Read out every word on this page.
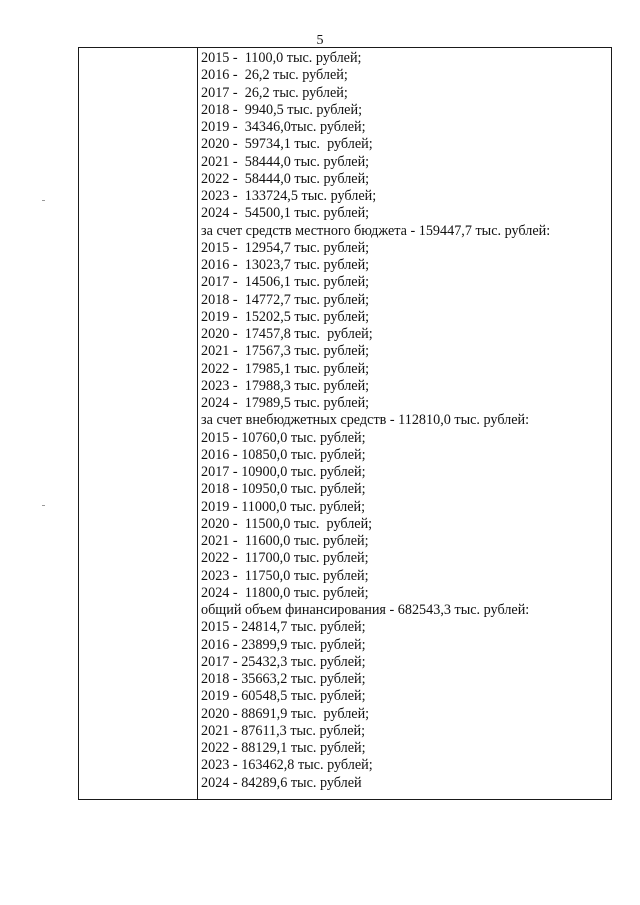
5
2015 -  1100,0 тыс. рублей;
2016 -  26,2 тыс. рублей;
2017 -  26,2 тыс. рублей;
2018 -  9940,5 тыс. рублей;
2019 -  34346,0тыс. рублей;
2020 -  59734,1 тыс.  рублей;
2021 -  58444,0 тыс. рублей;
2022 -  58444,0 тыс. рублей;
2023 -  133724,5 тыс. рублей;
2024 -  54500,1 тыс. рублей;
за счет средств местного бюджета - 159447,7 тыс. рублей:
2015 -  12954,7 тыс. рублей;
2016 -  13023,7 тыс. рублей;
2017 -  14506,1 тыс. рублей;
2018 -  14772,7 тыс. рублей;
2019 -  15202,5 тыс. рублей;
2020 -  17457,8 тыс.  рублей;
2021 -  17567,3 тыс. рублей;
2022 -  17985,1 тыс. рублей;
2023 -  17988,3 тыс. рублей;
2024 -  17989,5 тыс. рублей;
за счет внебюджетных средств - 112810,0 тыс. рублей:
2015 - 10760,0 тыс. рублей;
2016 - 10850,0 тыс. рублей;
2017 - 10900,0 тыс. рублей;
2018 - 10950,0 тыс. рублей;
2019 - 11000,0 тыс. рублей;
2020 -  11500,0 тыс.  рублей;
2021 -  11600,0 тыс. рублей;
2022 -  11700,0 тыс. рублей;
2023 -  11750,0 тыс. рублей;
2024 -  11800,0 тыс. рублей;
общий объем финансирования - 682543,3 тыс. рублей:
2015 - 24814,7 тыс. рублей;
2016 - 23899,9 тыс. рублей;
2017 - 25432,3 тыс. рублей;
2018 - 35663,2 тыс. рублей;
2019 - 60548,5 тыс. рублей;
2020 - 88691,9 тыс.  рублей;
2021 - 87611,3 тыс. рублей;
2022 - 88129,1 тыс. рублей;
2023 - 163462,8 тыс. рублей;
2024 - 84289,6 тыс. рублей
